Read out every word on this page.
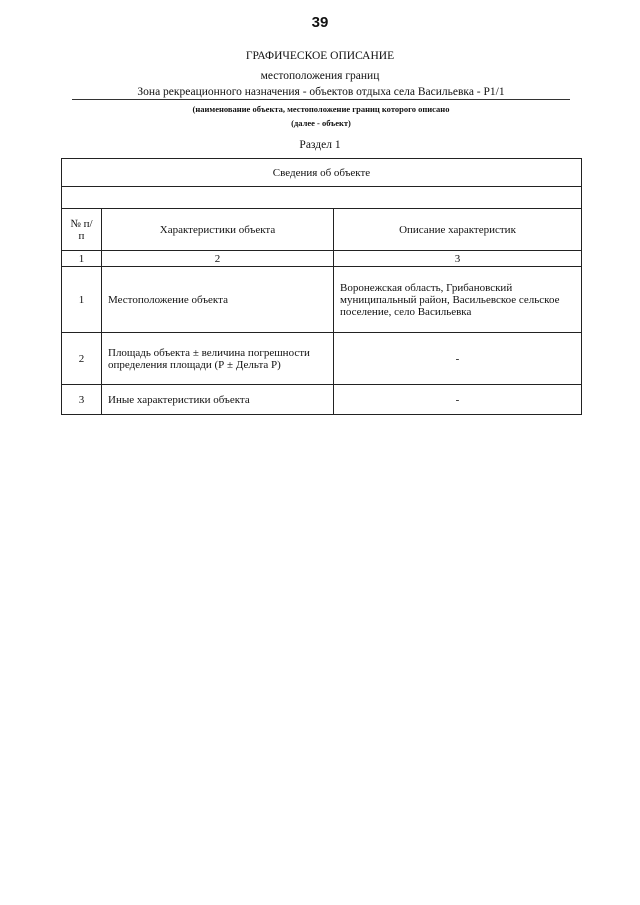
39
ГРАФИЧЕСКОЕ ОПИСАНИЕ
местоположения границ
Зона рекреационного назначения - объектов отдыха села Васильевка - Р1/1
(наименование объекта, местоположение границ которого описано
(далее - объект)
Раздел 1
Сведения об объекте		

№ п/п	Характеристики объекта	Описание характеристик
1	2	3
1	Местоположение объекта	Воронежская область, Грибановский муниципальный район, Васильевское сельское поселение, село Васильевка
2	Площадь объекта ± величина погрешности определения площади (Р ± Дельта Р)	-
3	Иные характеристики объекта	-
